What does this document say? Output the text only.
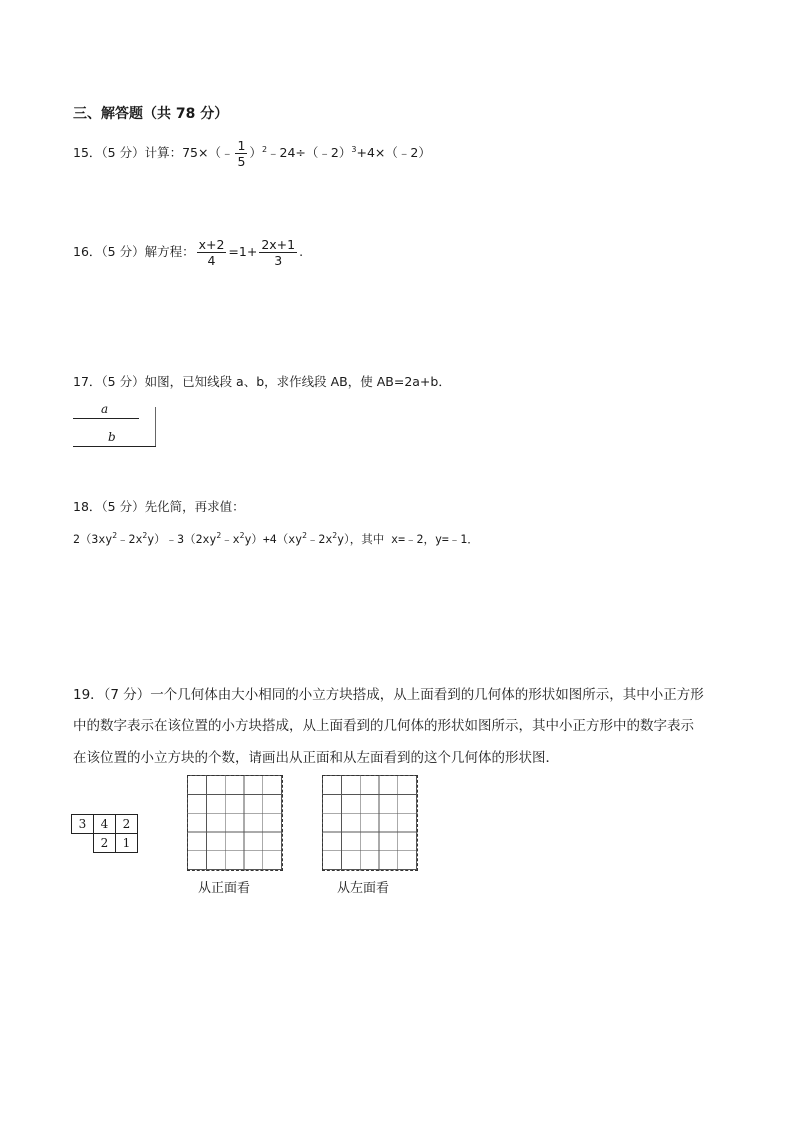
三、解答题（共 78 分）
15．（5 分）计算：75×（﹣ $\frac{1}{5}$ ）$^2$﹣24÷（﹣2）$^3$+4×（﹣2）
16．（5 分）解方程： $\frac{x+2}{4} =1+ \frac{2x+1}{3}$ .
17．（5 分）如图，已知线段 a、b，求作线段 AB，使 AB=2a+b．
a
b
18．（5 分）先化简，再求值：
$2(3xy^2﹣2x^2y)﹣3(2xy^2﹣x^2y)+4(xy^2﹣2x^2y)$，其中 x=﹣2，y=﹣1．
19．（7 分）一个几何体由大小相同的小立方块搭成，从上面看到的几何体的形状如图所示，其中小正方形
中的数字表示在该位置的小方块搭成，从上面看到的几何体的形状如图所示，其中小正方形中的数字表示
在该位置的小立方块的个数，请画出从正面和从左面看到的这个几何体的形状图．
3	4	2
	2	1
从正面看	从左面看
